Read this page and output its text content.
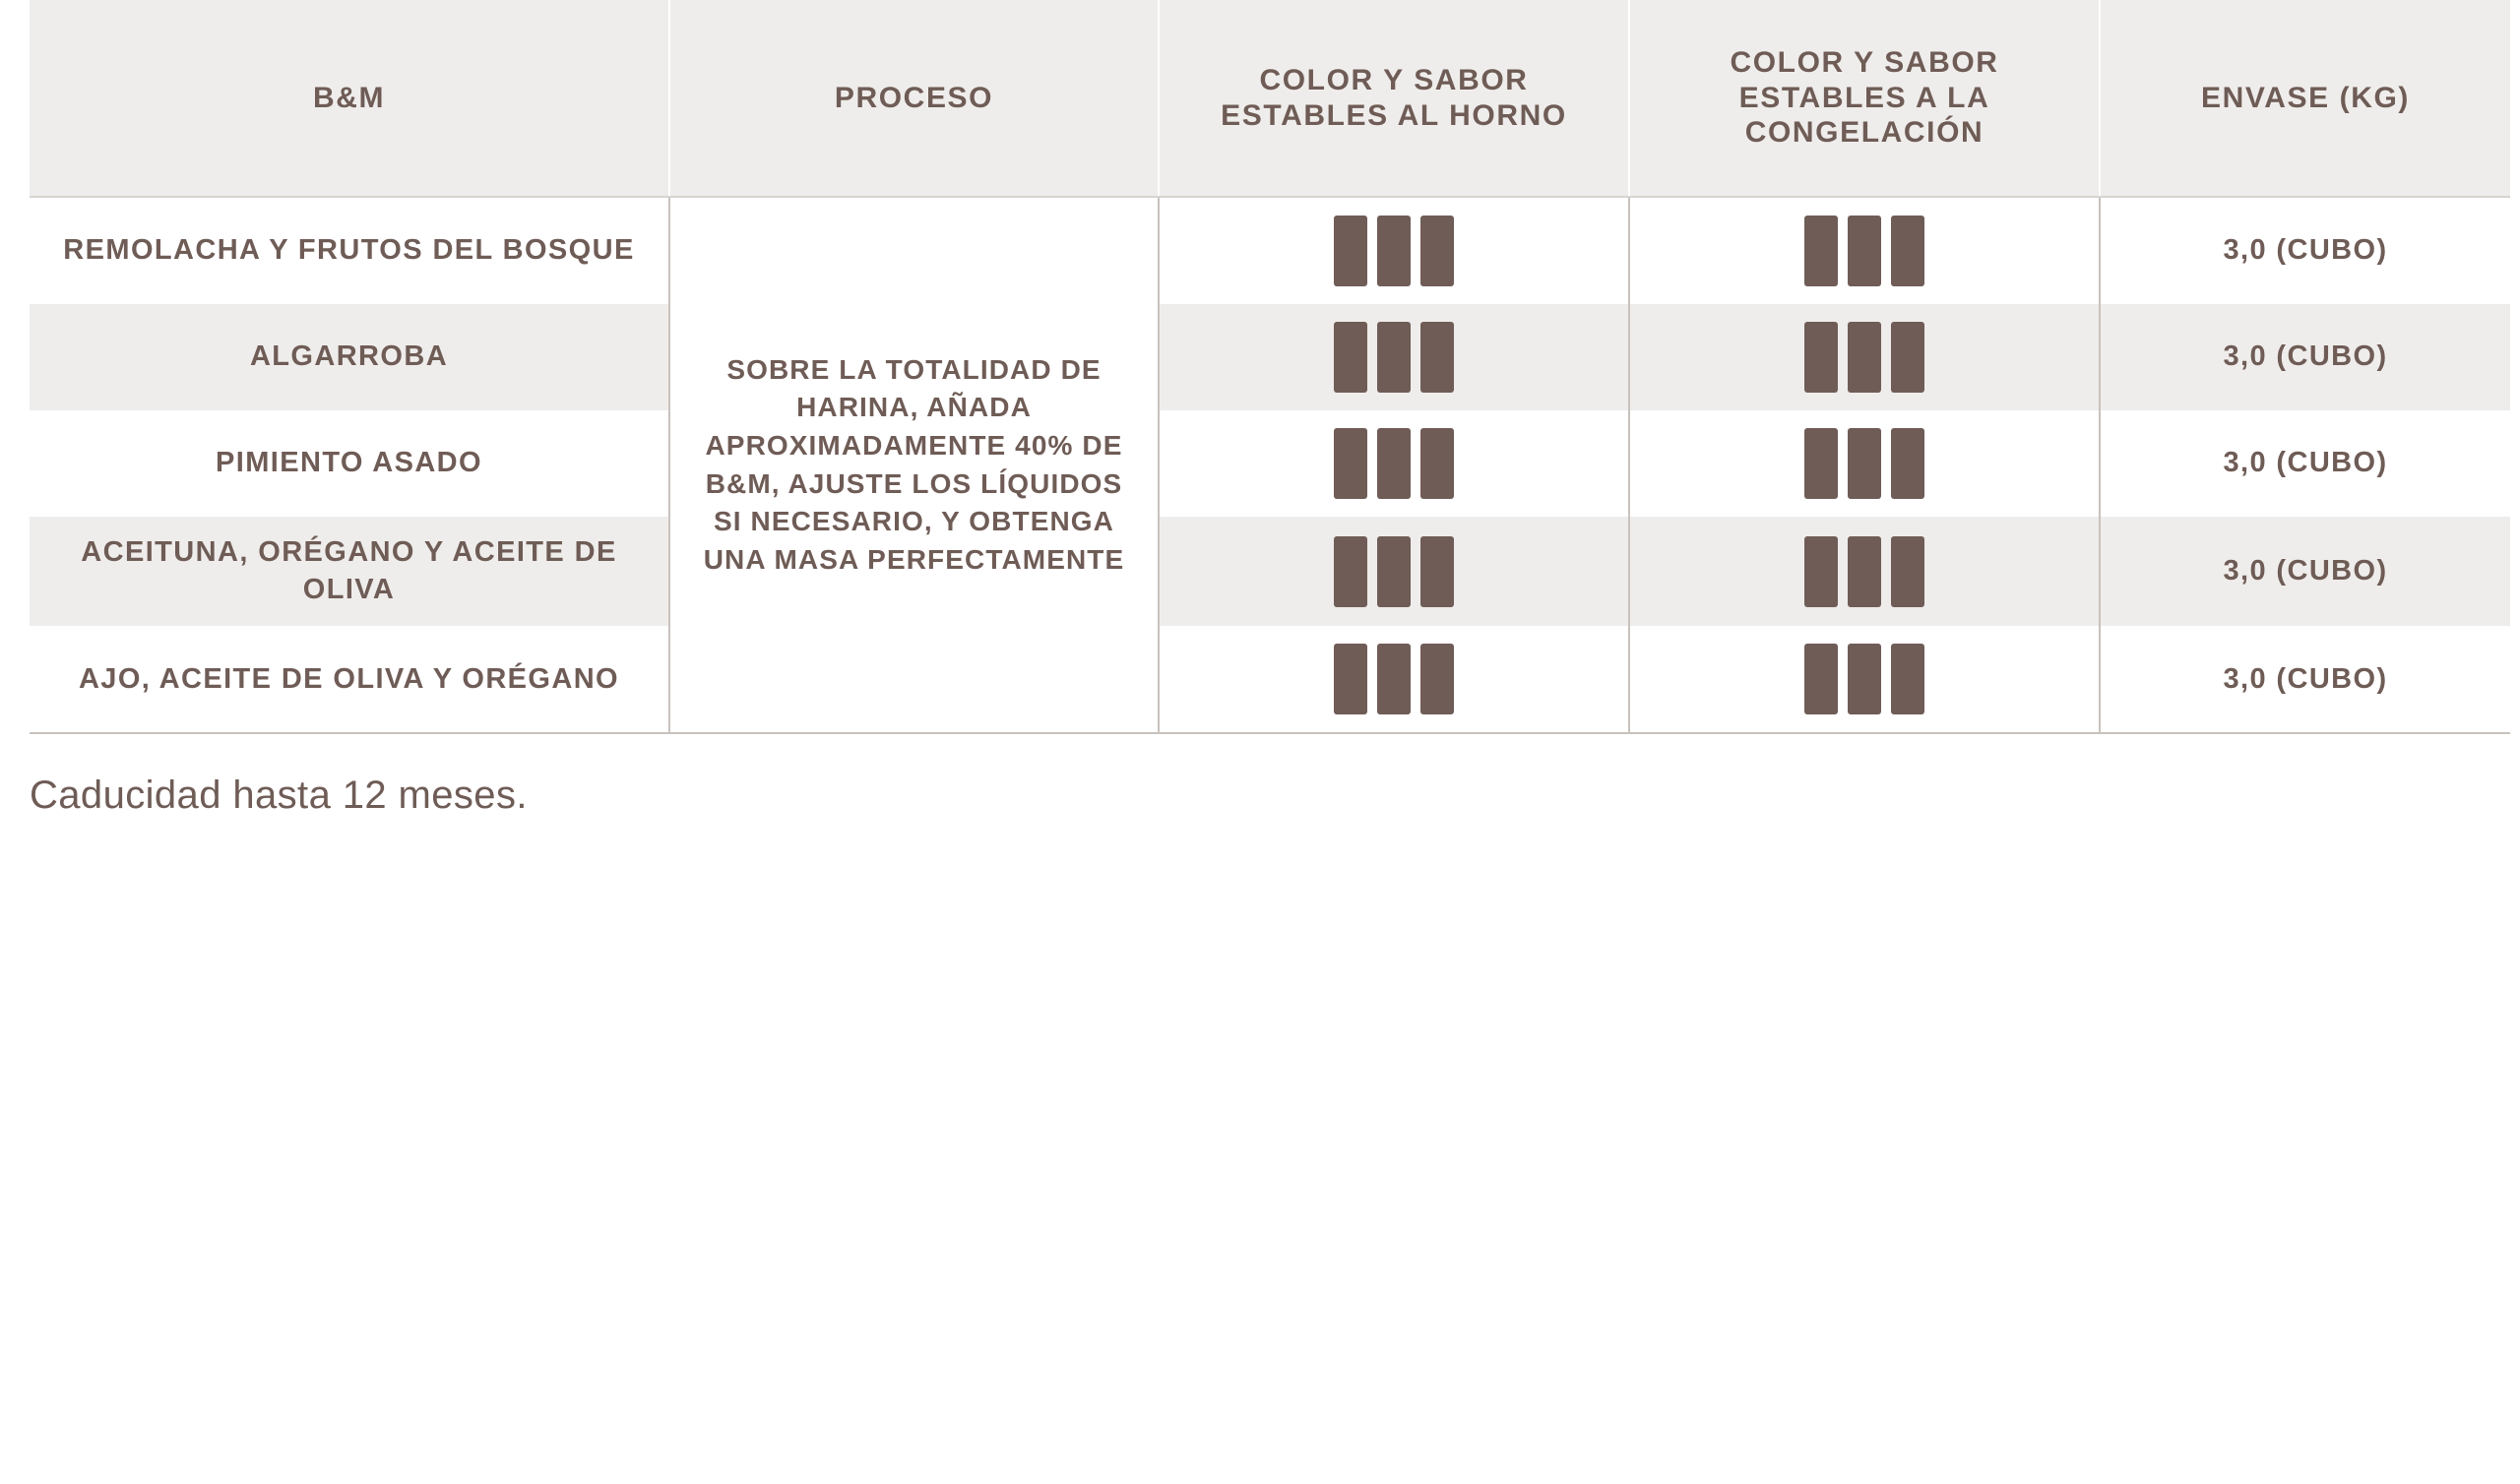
B&M	PROCESO	COLOR Y SABOR ESTABLES AL HORNO	COLOR Y SABOR ESTABLES A LA CONGELACIÓN	ENVASE (KG)
REMOLACHA Y FRUTOS DEL BOSQUE	SOBRE LA TOTALIDAD DE HARINA, AÑADA APROXIMADAMENTE 40% DE B&M, AJUSTE LOS LÍQUIDOS SI NECESARIO, Y OBTENGA UNA MASA PERFECTAMENTE			3,0 (CUBO)
ALGARROBA				3,0 (CUBO)
PIMIENTO ASADO				3,0 (CUBO)
ACEITUNA, ORÉGANO Y ACEITE DE OLIVA				3,0 (CUBO)
AJO, ACEITE DE OLIVA Y ORÉGANO				3,0 (CUBO)
Caducidad hasta 12 meses.
